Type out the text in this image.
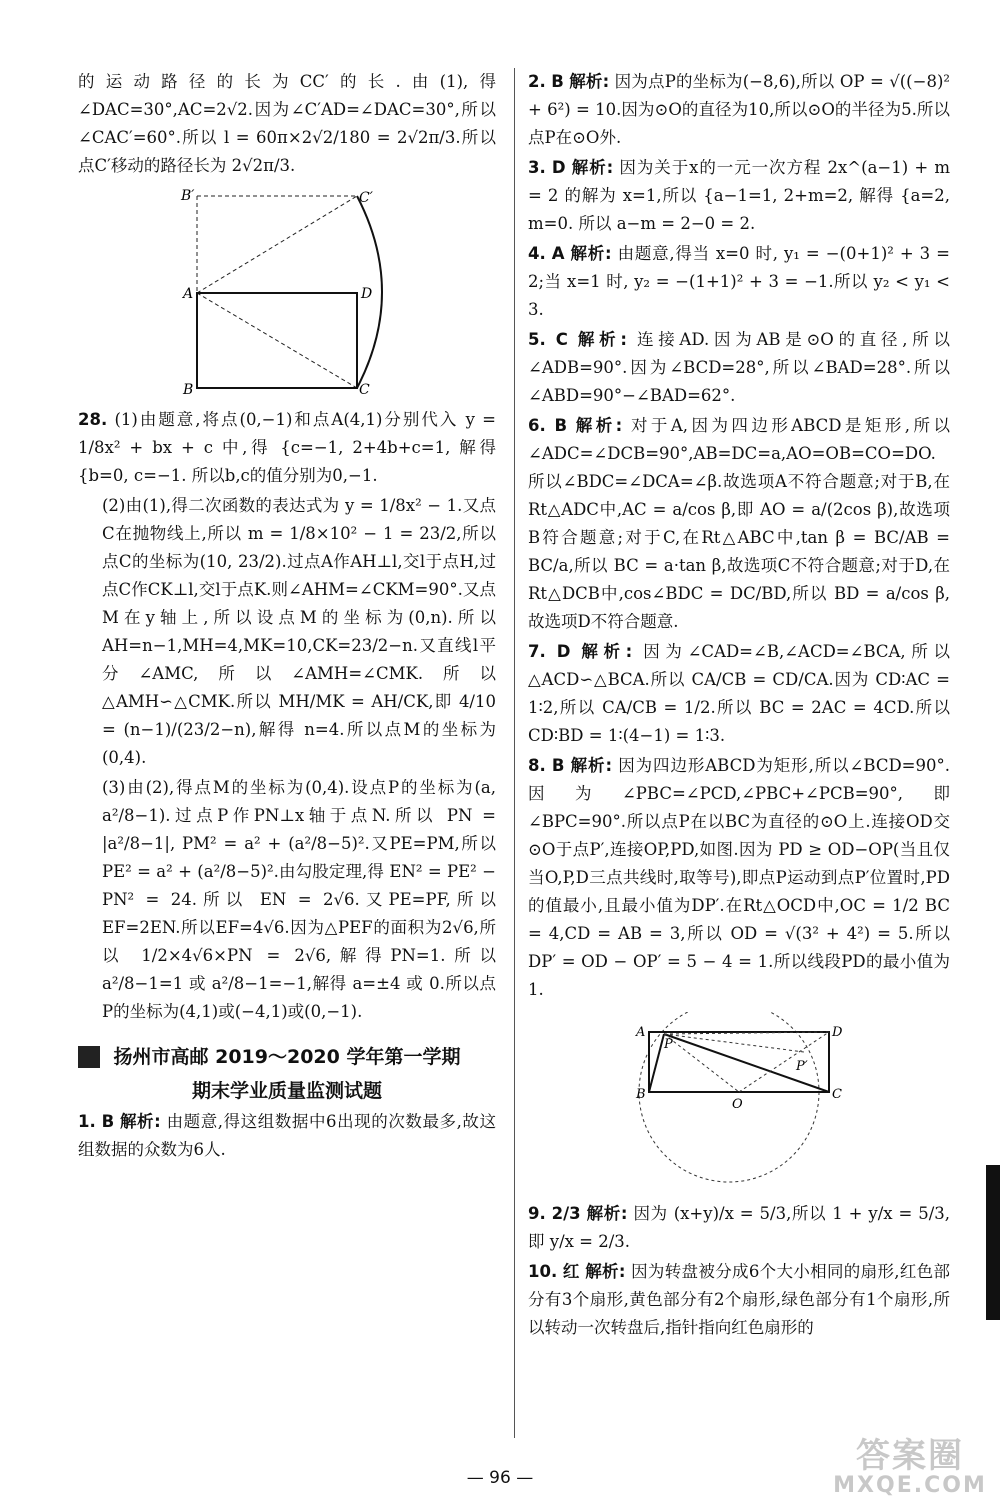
的运动路径的长为CC′的长.由(1),得∠DAC=30°,AC=2√2.因为∠C′AD=∠DAC=30°,所以∠CAC′=60°.所以 l = 60π×2√2/180 = 2√2π/3.所以点C′移动的路径长为 2√2π/3.

B′	C′
A	D
B	C

28. (1)由题意,将点(0,−1)和点A(4,1)分别代入 y = 1/8x² + bx + c 中,得 {c=−1, 2+4b+c=1, 解得 {b=0, c=−1. 所以b,c的值分别为0,−1.

(2)由(1),得二次函数的表达式为 y = 1/8x² − 1.又点C在抛物线上,所以 m = 1/8×10² − 1 = 23/2,所以点C的坐标为(10, 23/2).过点A作AH⊥l,交l于点H,过点C作CK⊥l,交l于点K.则∠AHM=∠CKM=90°.又点M在y轴上,所以设点M的坐标为(0,n).所以AH=n−1,MH=4,MK=10,CK=23/2−n.又直线l平分∠AMC,所以∠AMH=∠CMK.所以△AMH∽△CMK.所以 MH/MK = AH/CK,即 4/10 = (n−1)/(23/2−n),解得 n=4.所以点M的坐标为(0,4).

(3)由(2),得点M的坐标为(0,4).设点P的坐标为(a, a²/8−1).过点P作PN⊥x轴于点N.所以 PN = |a²/8−1|, PM² = a² + (a²/8−5)².又PE=PM,所以 PE² = a² + (a²/8−5)².由勾股定理,得 EN² = PE² − PN² = 24.所以 EN = 2√6.又PE=PF,所以EF=2EN.所以EF=4√6.因为△PEF的面积为2√6,所以 1/2×4√6×PN = 2√6,解得PN=1.所以 a²/8−1=1 或 a²/8−1=−1,解得 a=±4 或 0.所以点P的坐标为(4,1)或(−4,1)或(0,−1).

扬州市高邮 2019～2020 学年第一学期
期末学业质量监测试题

1. B 解析: 由题意,得这组数据中6出现的次数最多,故这组数据的众数为6人.

2. B 解析: 因为点P的坐标为(−8,6),所以 OP = √((−8)² + 6²) = 10.因为⊙O的直径为10,所以⊙O的半径为5.所以点P在⊙O外.

3. D 解析: 因为关于x的一元一次方程 2x^(a−1) + m = 2 的解为 x=1,所以 {a−1=1, 2+m=2, 解得 {a=2, m=0. 所以 a−m = 2−0 = 2.

4. A 解析: 由题意,得当 x=0 时, y₁ = −(0+1)² + 3 = 2;当 x=1 时, y₂ = −(1+1)² + 3 = −1.所以 y₂ < y₁ < 3.

5. C 解析: 连接AD.因为AB是⊙O的直径,所以∠ADB=90°.因为∠BCD=28°,所以∠BAD=28°.所以∠ABD=90°−∠BAD=62°.

6. B 解析: 对于A,因为四边形ABCD是矩形,所以∠ADC=∠DCB=90°,AB=DC=a,AO=OB=CO=DO.所以∠BDC=∠DCA=∠β.故选项A不符合题意;对于B,在Rt△ADC中,AC = a/cos β,即 AO = a/(2cos β),故选项B符合题意;对于C,在Rt△ABC中,tan β = BC/AB = BC/a,所以 BC = a·tan β,故选项C不符合题意;对于D,在Rt△DCB中,cos∠BDC = DC/BD,所以 BD = a/cos β,故选项D不符合题意.

7. D 解析: 因为∠CAD=∠B,∠ACD=∠BCA,所以△ACD∽△BCA.所以 CA/CB = CD/CA.因为 CD∶AC = 1∶2,所以 CA/CB = 1/2.所以 BC = 2AC = 4CD.所以 CD∶BD = 1∶(4−1) = 1∶3.

8. B 解析: 因为四边形ABCD为矩形,所以∠BCD=90°.因为∠PBC=∠PCD,∠PBC+∠PCB=90°,即∠BPC=90°.所以点P在以BC为直径的⊙O上.连接OD交⊙O于点P′,连接OP,PD,如图.因为 PD ≥ OD−OP(当且仅当O,P,D三点共线时,取等号),即点P运动到点P′位置时,PD的值最小,且最小值为DP′.在Rt△OCD中,OC = 1/2 BC = 4,CD = AB = 3,所以 OD = √(3² + 4²) = 5.所以 DP′ = OD − OP′ = 5 − 4 = 1.所以线段PD的最小值为1.

A
P
D
P′
B
O
C

9. 2/3 解析: 因为 (x+y)/x = 5/3,所以 1 + y/x = 5/3,即 y/x = 2/3.

10. 红 解析: 因为转盘被分成6个大小相同的扇形,红色部分有3个扇形,黄色部分有2个扇形,绿色部分有1个扇形,所以转动一次转盘后,指针指向红色扇形的

— 96 —
答案圈
MXQE.COM
